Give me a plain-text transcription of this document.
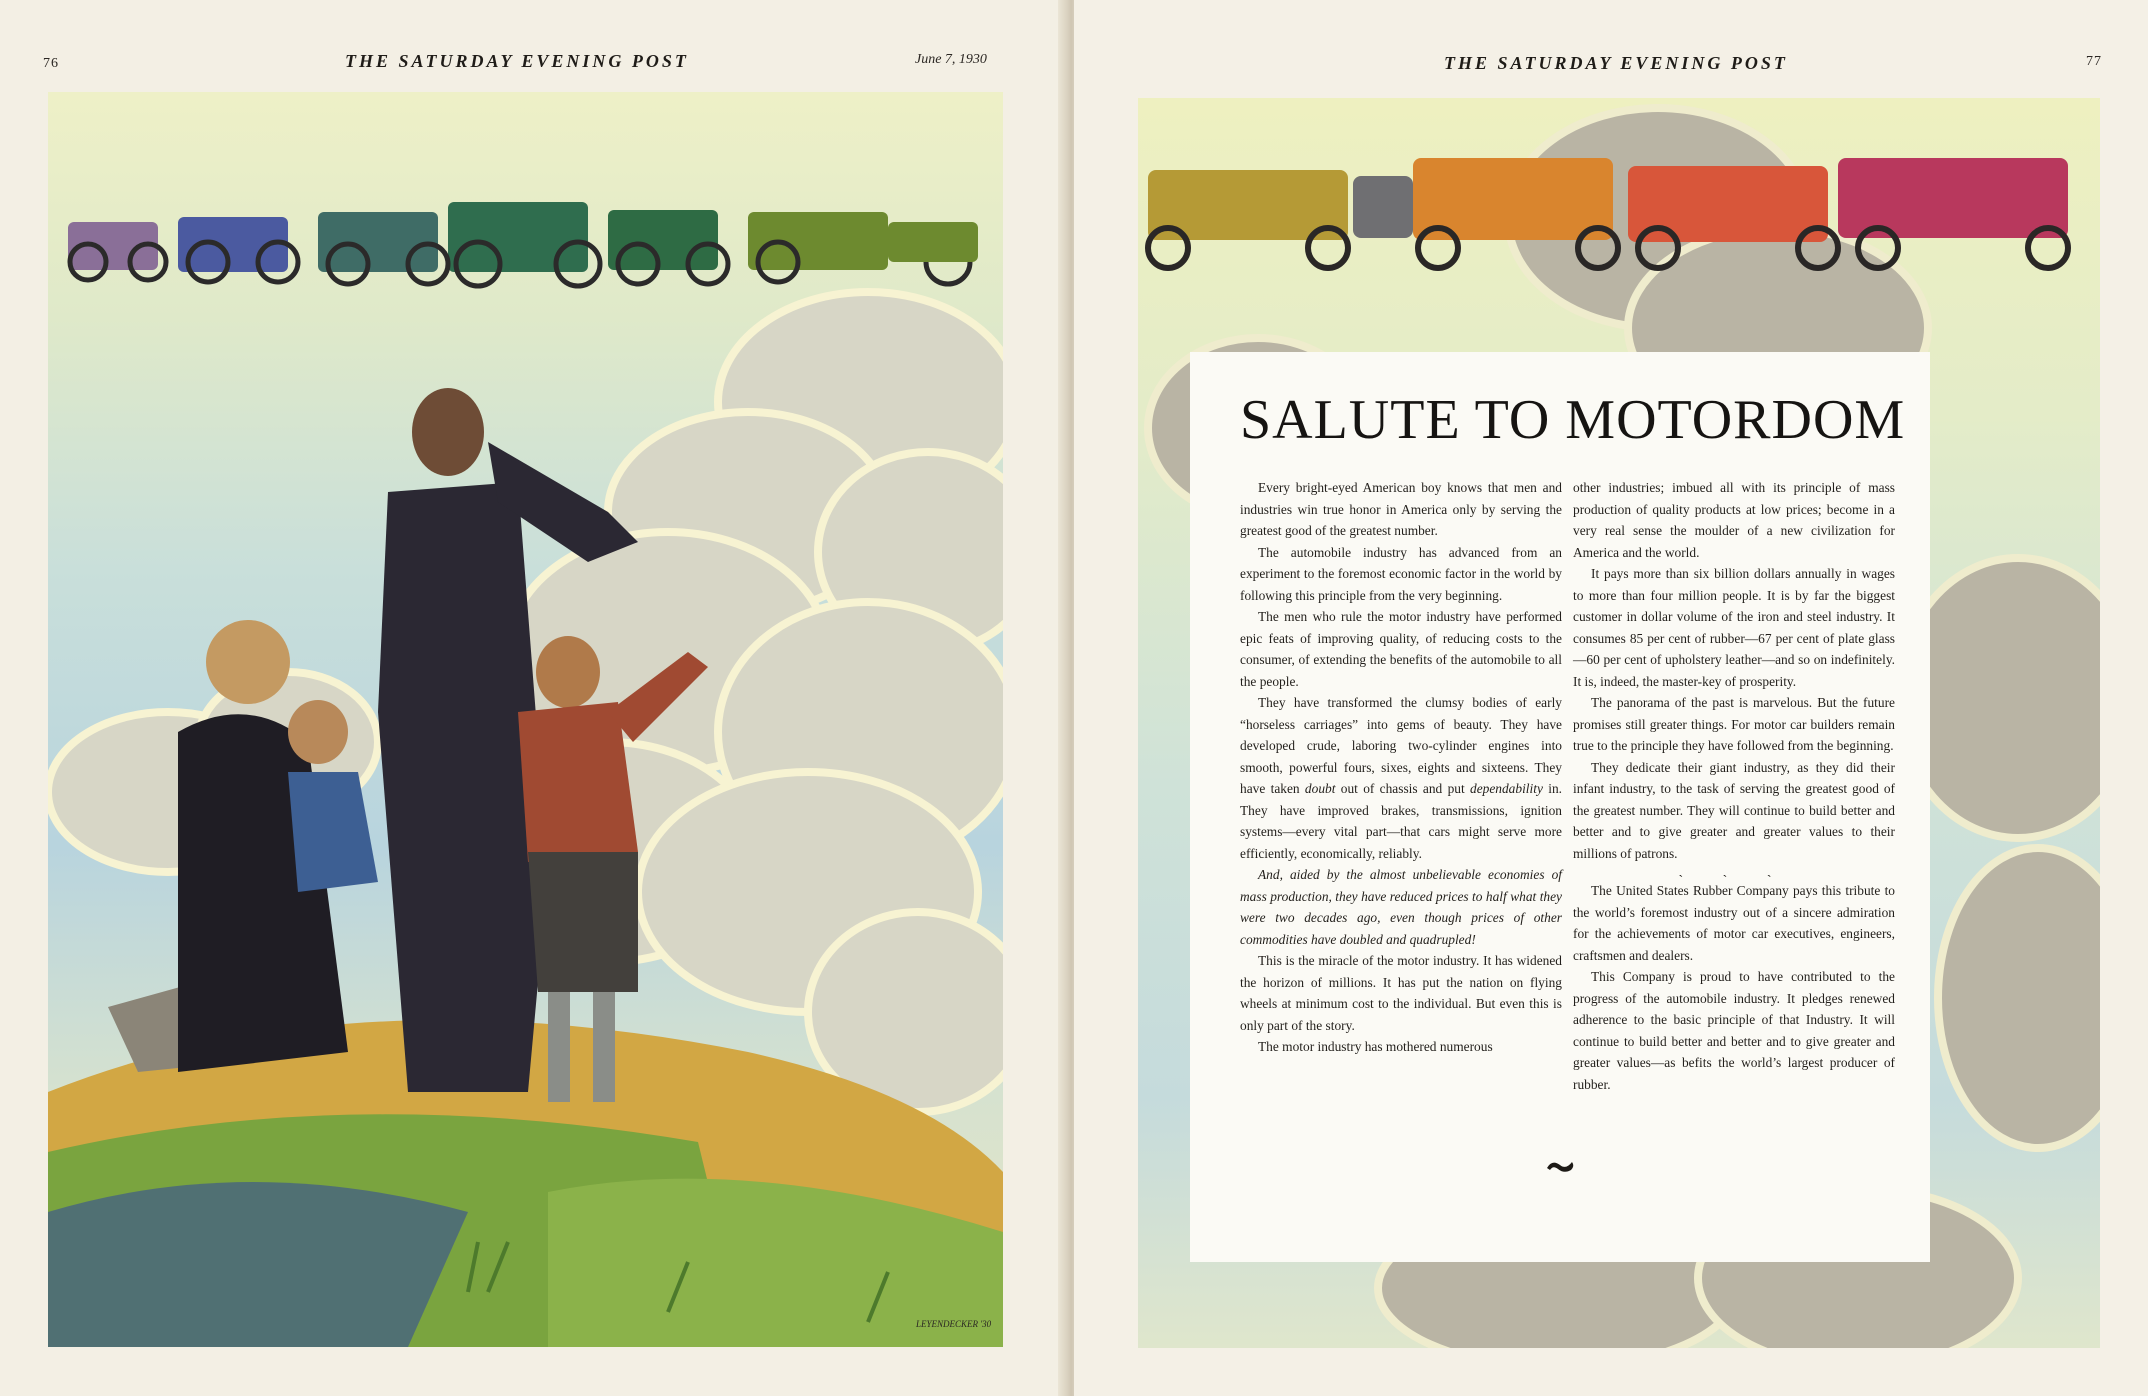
76	THE SATURDAY EVENING POST	June 7, 1930
LEYENDECKER '30
THE SATURDAY EVENING POST	77
SALUTE TO MOTORDOM

Every bright-eyed American boy knows that men and industries win true honor in America only by serving the greatest good of the greatest number.

The automobile industry has advanced from an experiment to the foremost economic factor in the world by following this principle from the very beginning.

The men who rule the motor industry have performed epic feats of improving quality, of reducing costs to the consumer, of extending the benefits of the automobile to all the people.

They have transformed the clumsy bodies of early “horseless carriages” into gems of beauty. They have developed crude, laboring two-cylinder engines into smooth, powerful fours, sixes, eights and sixteens. They have taken doubt out of chassis and put dependability in. They have improved brakes, transmissions, ignition systems—every vital part—that cars might serve more efficiently, economically, reliably.

And, aided by the almost unbelievable economies of mass production, they have reduced prices to half what they were two decades ago, even though prices of other commodities have doubled and quadrupled!

This is the miracle of the motor industry. It has widened the horizon of millions. It has put the nation on flying wheels at minimum cost to the individual. But even this is only part of the story.

The motor industry has mothered numerous

other industries; imbued all with its principle of mass production of quality products at low prices; become in a very real sense the moulder of a new civilization for America and the world.

It pays more than six billion dollars annually in wages to more than four million people. It is by far the biggest customer in dollar volume of the iron and steel industry. It consumes 85 per cent of rubber—67 per cent of plate glass—60 per cent of upholstery leather—and so on indefinitely. It is, indeed, the master-key of prosperity.

The panorama of the past is marvelous. But the future promises still greater things. For motor car builders remain true to the principle they have followed from the beginning.

They dedicate their giant industry, as they did their infant industry, to the task of serving the greatest good of the greatest number. They will continue to build better and better and to give greater and greater values to their millions of patrons.

ˏ ˏ ˏ

The United States Rubber Company pays this tribute to the world’s foremost industry out of a sincere admiration for the achievements of motor car executives, engineers, craftsmen and dealers.

This Company is proud to have contributed to the progress of the automobile industry. It pledges renewed adherence to the basic principle of that Industry. It will continue to build better and better and to give greater and greater values—as befits the world’s largest producer of rubber.
